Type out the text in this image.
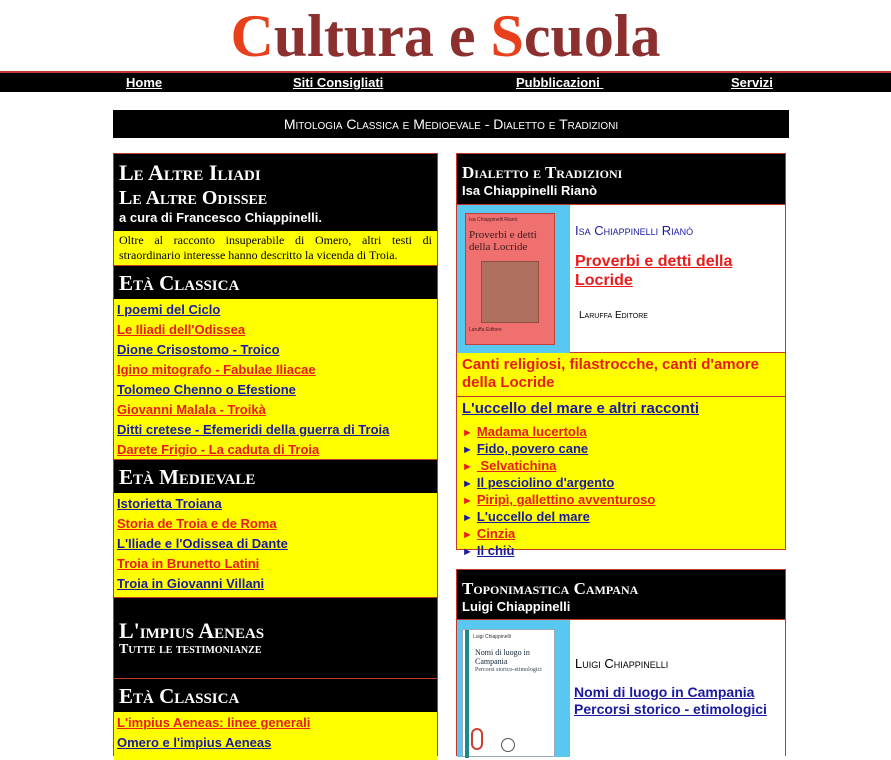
Cultura e Scuola
Home	Siti Consigliati	Pubblicazioni	Servizi
Mitologia Classica e Medioevale - Dialetto e Tradizioni
Le Altre Iliadi
Le Altre Odissee
a cura di Francesco Chiappinelli.
Oltre al racconto insuperabile di Omero, altri testi di straordinario interesse hanno descritto la vicenda di Troia.
Età Classica
I poemi del Ciclo
Le Iliadi dell'Odissea
Dione Crisostomo - Troico
Igino mitografo - Fabulae Iliacae
Tolomeo Chenno o Efestione
Giovanni Malala - Troikà
Ditti cretese - Efemeridi della guerra di Troia
Darete Frigio - La caduta di Troia
Età Medievale
Istorietta Troiana
Storia de Troia e de Roma
L'Iliade e l'Odissea di Dante
Troia in Brunetto Latini
Troia in Giovanni Villani
L'impius Aeneas
Tutte le testimonianze
Età Classica
L'impius Aeneas: linee generali
Omero e l'impius Aeneas
Dialetto e Tradizioni
Isa Chiappinelli Rianò
Isa Chiappinelli Rianò
Proverbi e detti della Locride
Laruffa Editore
Isa Chiappinelli Rianò
Proverbi e detti della Locride
Laruffa Editore
Canti religiosi, filastrocche, canti d'amore della Locride
L'uccello del mare e altri racconti
► Madama lucertola
► Fido, povero cane
► Selvatichina
► Il pesciolino d'argento
► Piripì, gallettino avventuroso
► L'uccello del mare
► Cinzia
► Il chiù
Toponimastica Campana
Luigi Chiappinelli
Luigi Chiappinelli
Nomi di luogo in Campania
Percorsi storico-etimologici	Luigi Chiappinelli
Nomi di luogo in Campania
Percorsi storico - etimologici
